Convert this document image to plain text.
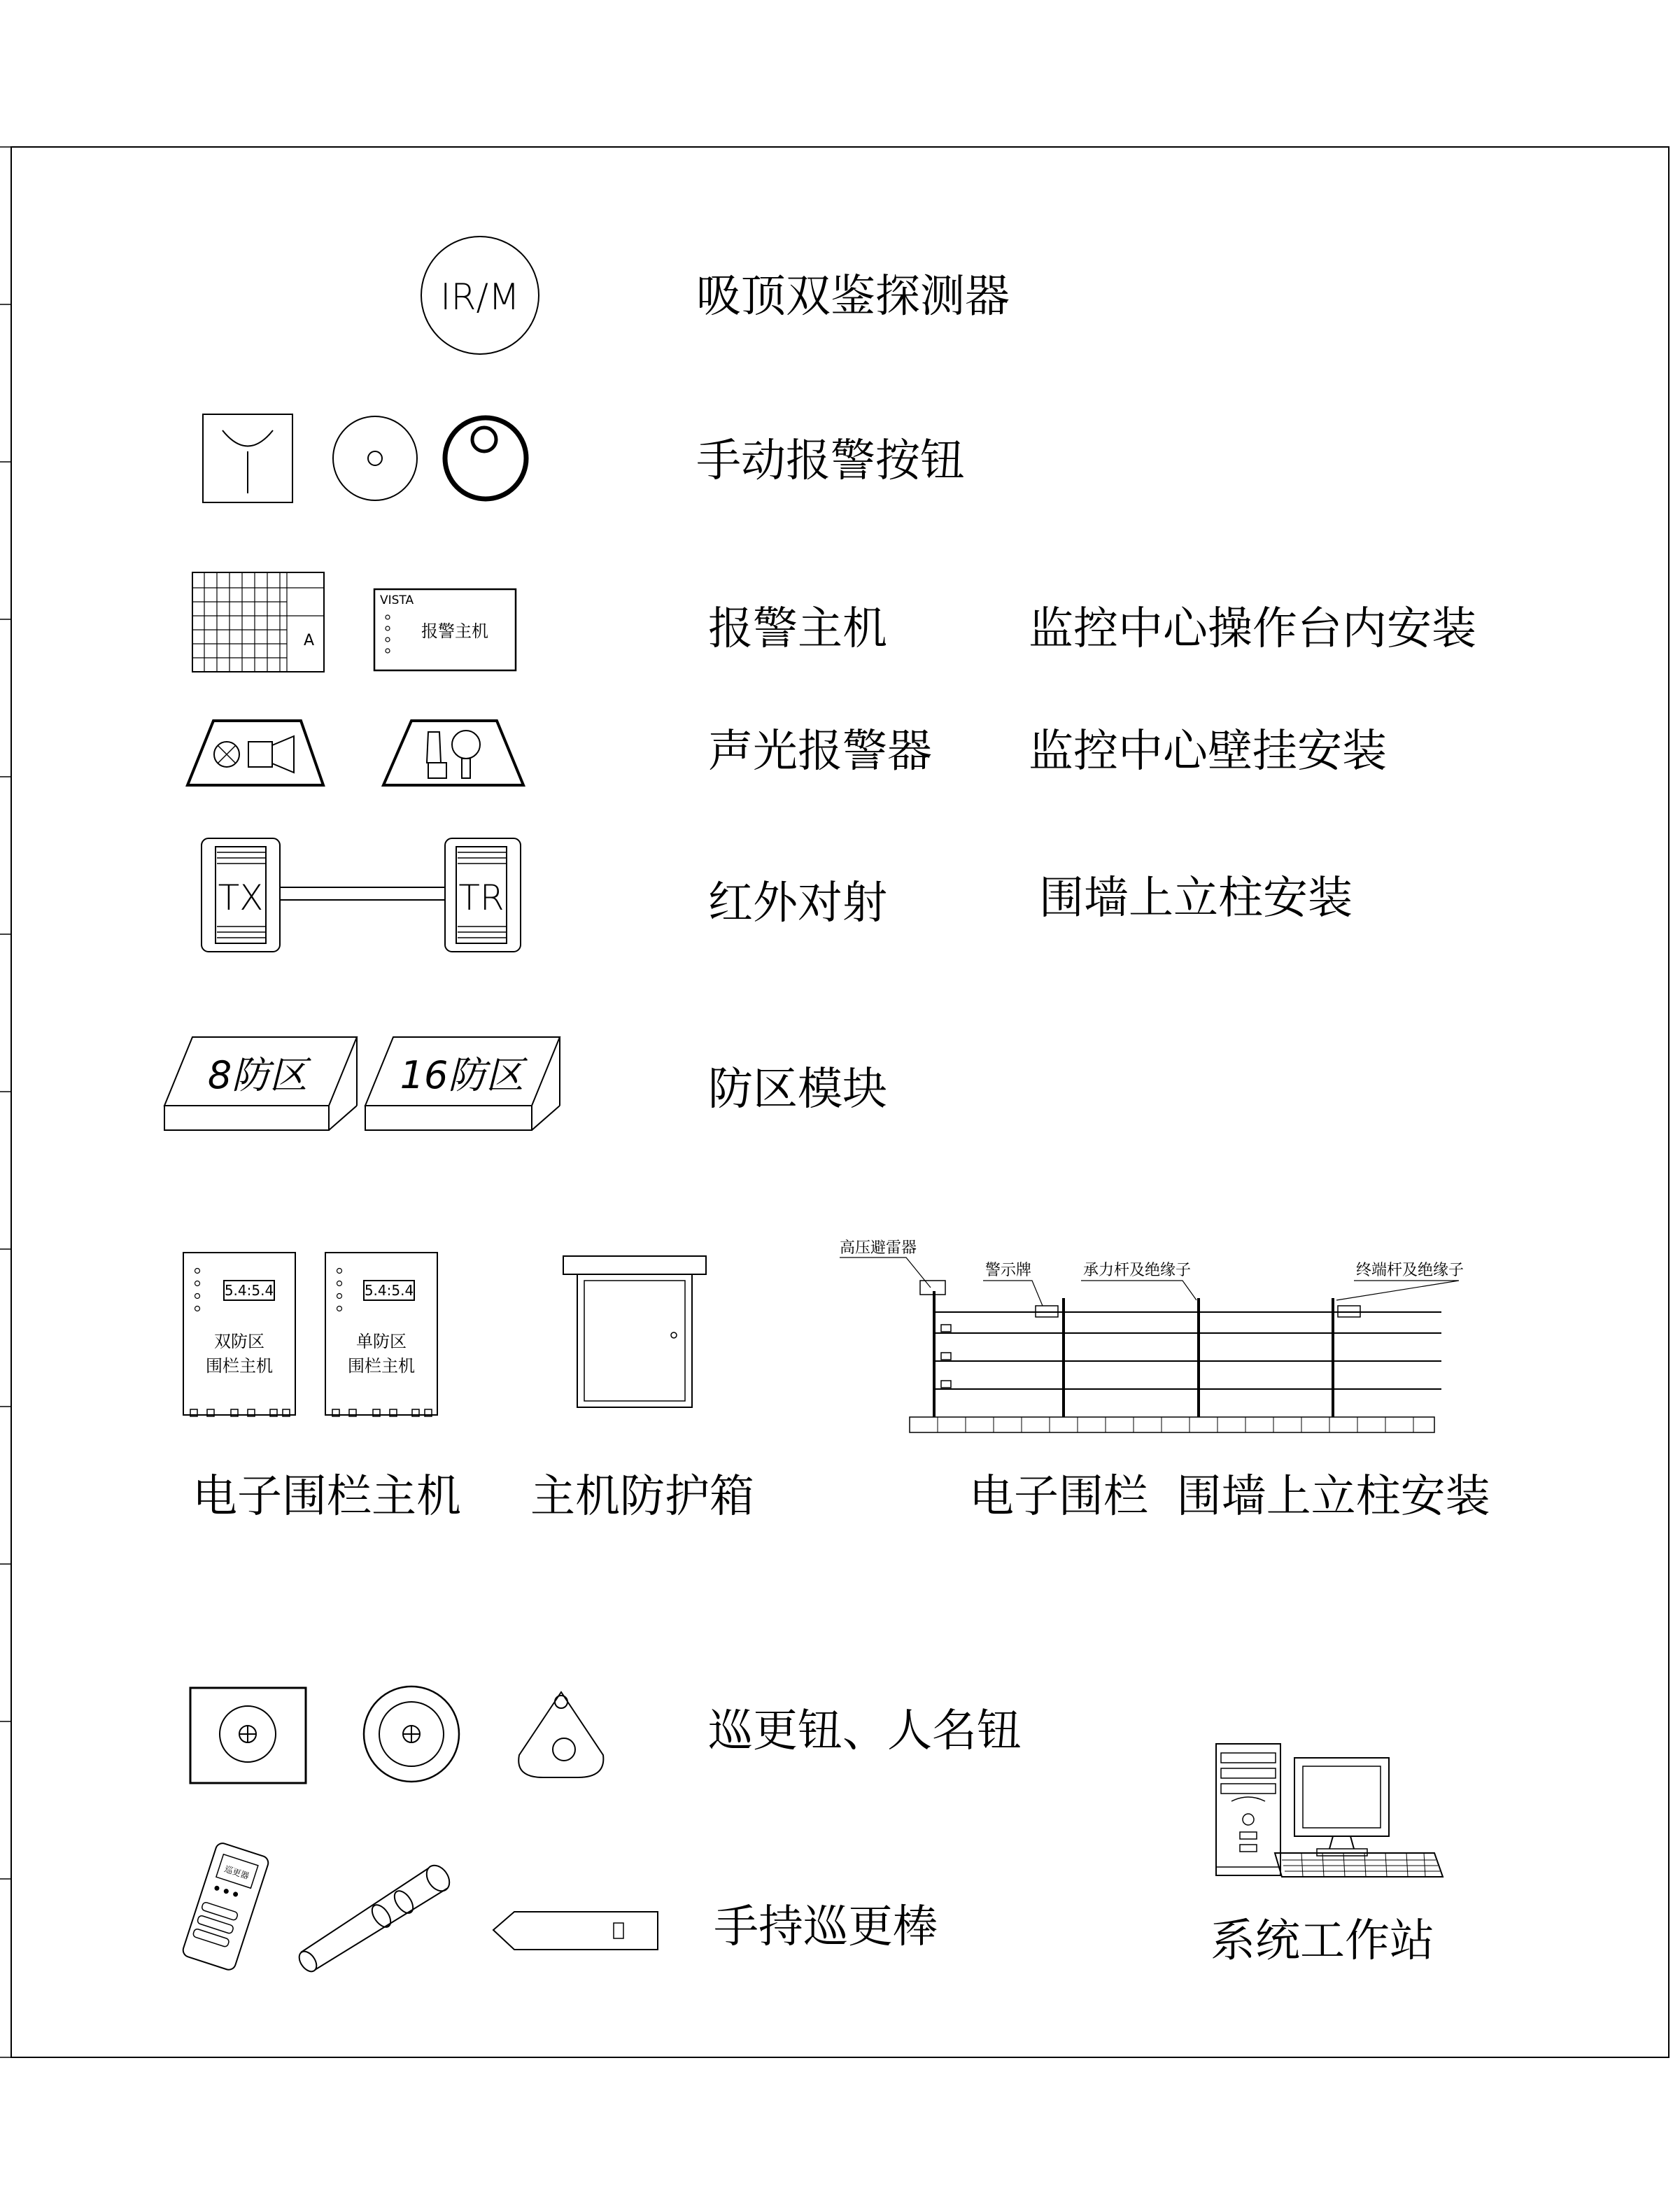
IR/M	吸顶双鉴探测器
手动报警按钮
A
VISTA
报警主机	报警主机	监控中心操作台内安装
声光报警器 监控中心壁挂安装
TX	TR	红外对射	围墙上立柱安装
8防区 16防区	防区模块
5.4:5.4
双防区
围栏主机
5.4:5.4
单防区
围栏主机
电子围栏主机 主机防护箱
高压避雷器
警示牌	承力杆及绝缘子	终端杆及绝缘子
电子围栏  围墙上立柱安装
巡更钮、人名钮
巡更器
手持巡更棒	系统工作站
